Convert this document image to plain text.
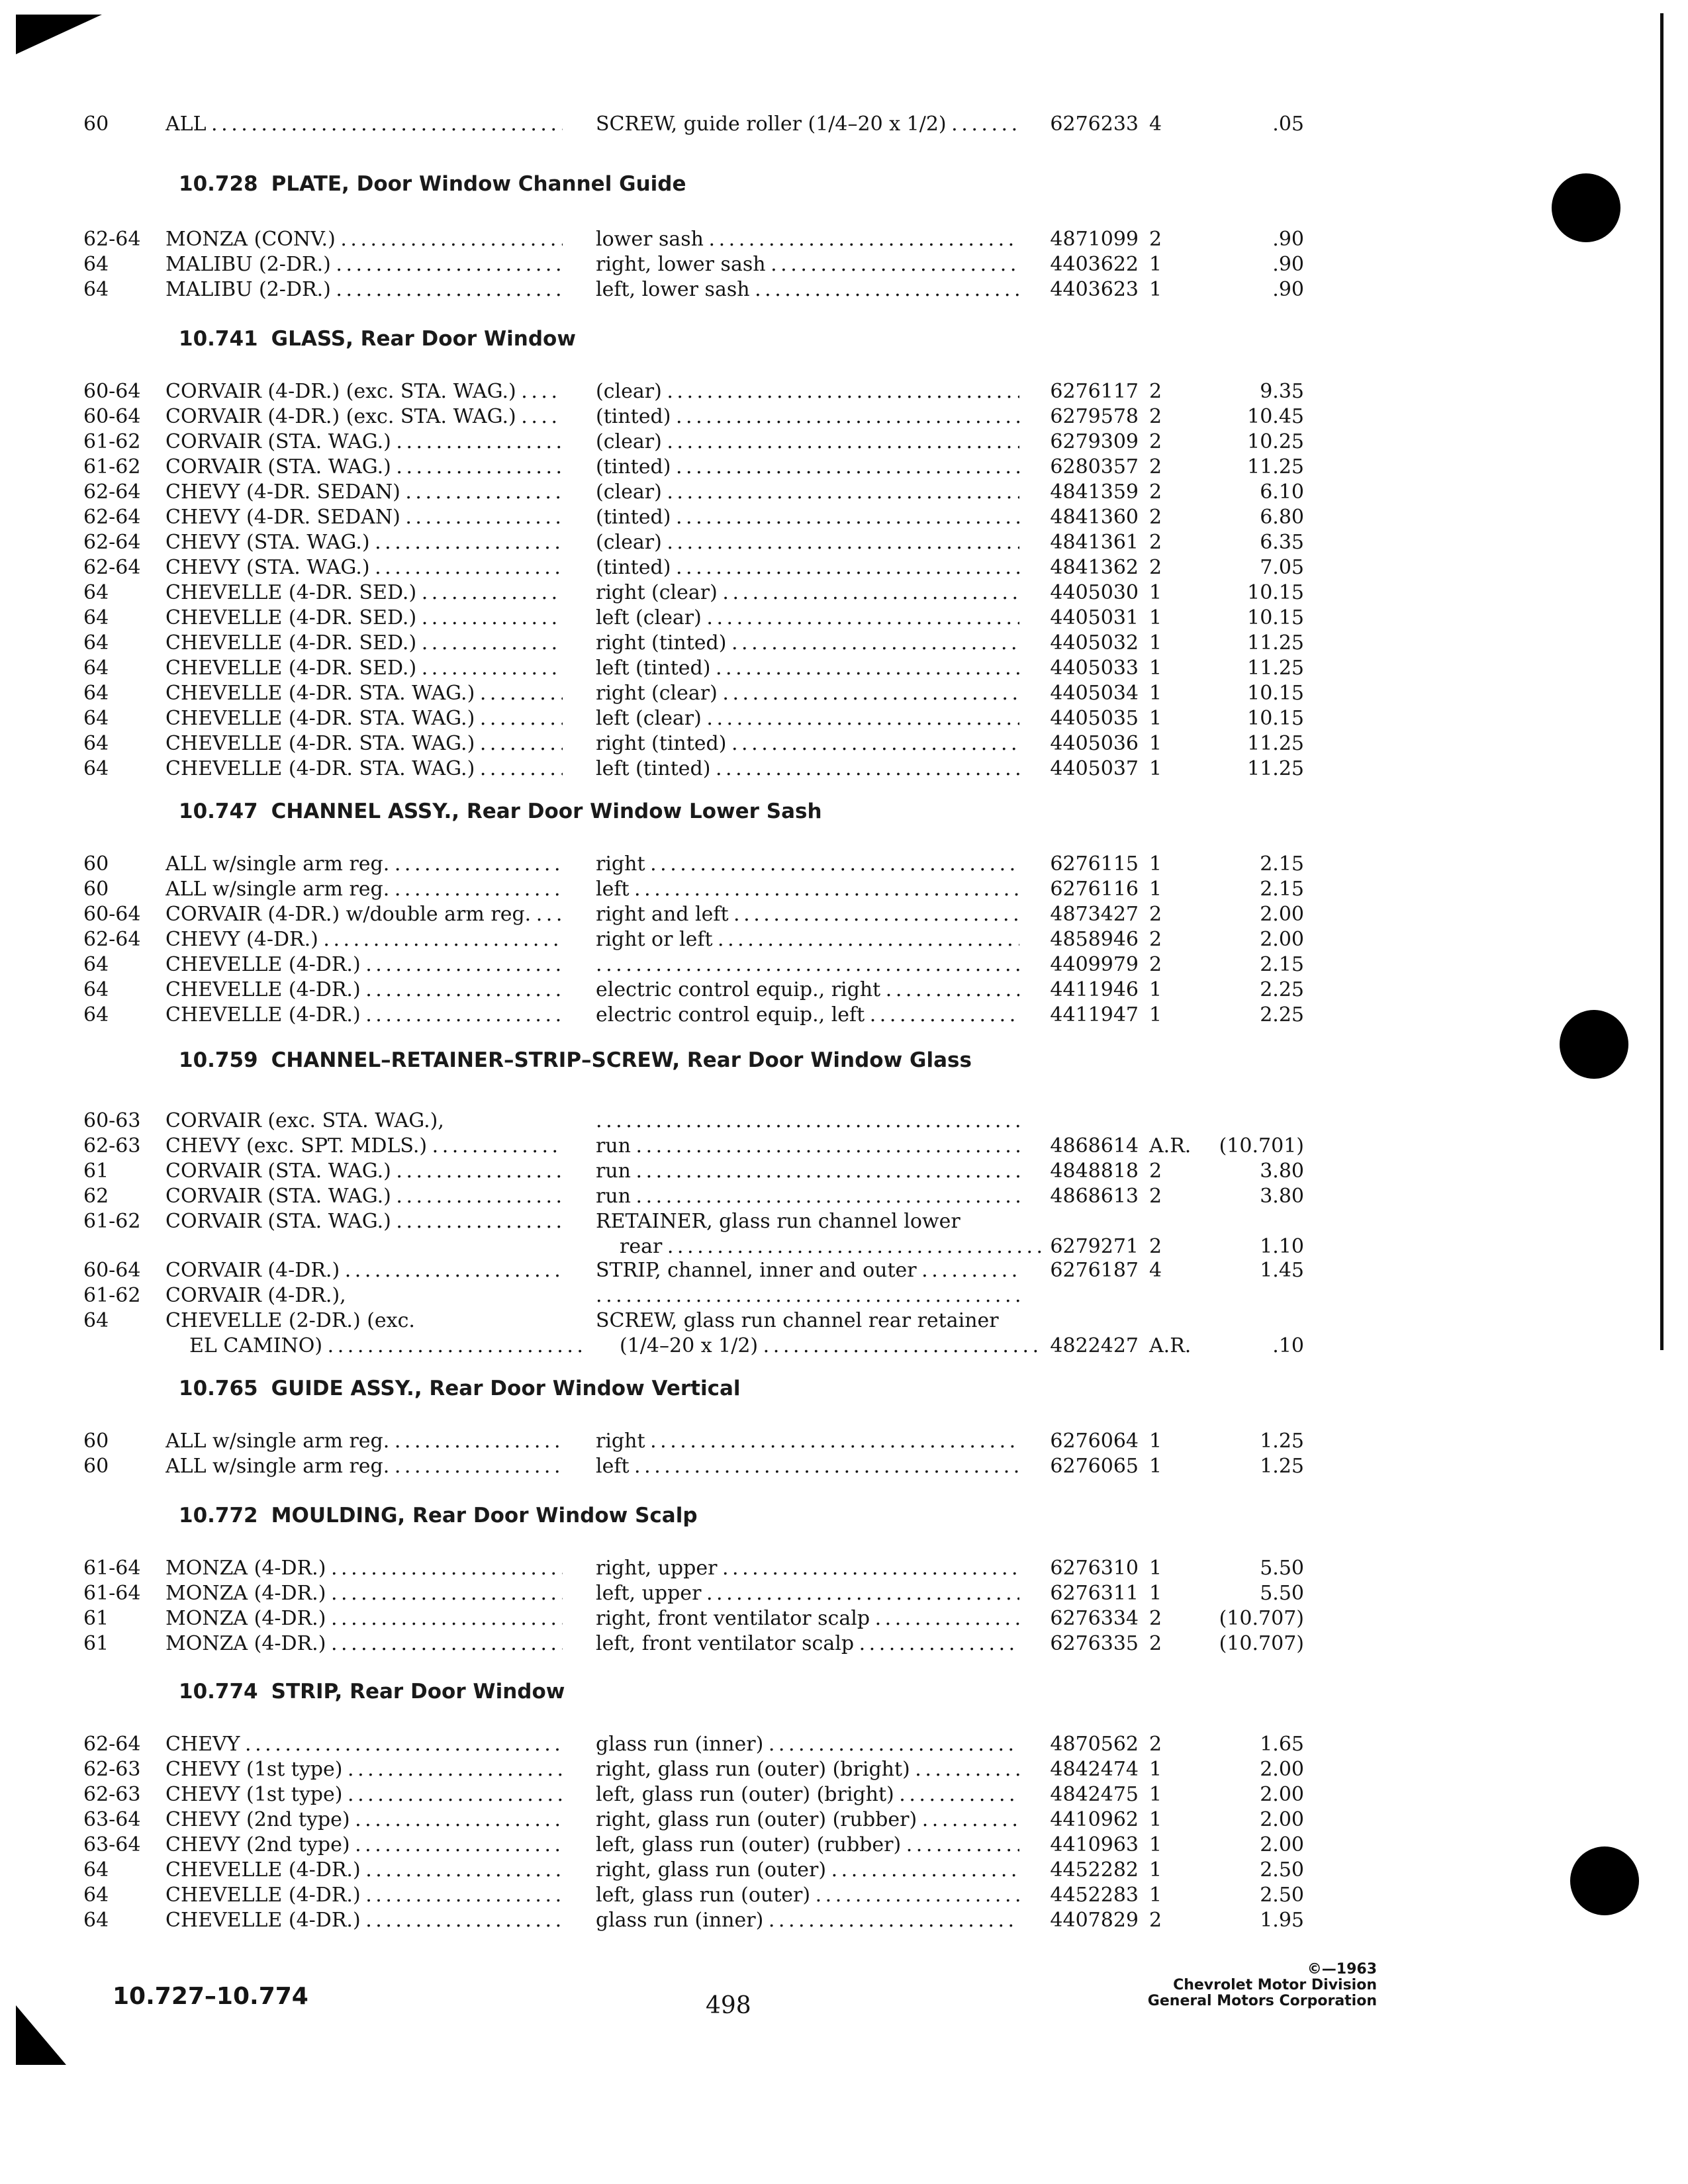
60	ALL . . .	SCREW, guide roller (1/4–20 x 1/2) . . .	6276233 4	.05
10.728 PLATE, Door Window Channel Guide
62-64	MONZA (CONV.) . . .	lower sash . . .	4871099 2	.90
64	MALIBU (2-DR.) . . .	right, lower sash . . .	4403622 1	.90
64	MALIBU (2-DR.) . . .	left, lower sash . . .	4403623 1	.90
10.741 GLASS, Rear Door Window
60-64	CORVAIR (4-DR.) (exc. STA. WAG.) . . .	(clear) . . .	6276117 2	9.35
60-64	CORVAIR (4-DR.) (exc. STA. WAG.) . . .	(tinted) . . .	6279578 2	10.45
61-62	CORVAIR (STA. WAG.) . . .	(clear) . . .	6279309 2	10.25
61-62	CORVAIR (STA. WAG.) . . .	(tinted) . . .	6280357 2	11.25
62-64	CHEVY (4-DR. SEDAN) . . .	(clear) . . .	4841359 2	6.10
62-64	CHEVY (4-DR. SEDAN) . . .	(tinted) . . .	4841360 2	6.80
62-64	CHEVY (STA. WAG.) . . .	(clear) . . .	4841361 2	6.35
62-64	CHEVY (STA. WAG.) . . .	(tinted) . . .	4841362 2	7.05
64	CHEVELLE (4-DR. SED.) . . .	right (clear) . . .	4405030 1	10.15
64	CHEVELLE (4-DR. SED.) . . .	left (clear) . . .	4405031 1	10.15
64	CHEVELLE (4-DR. SED.) . . .	right (tinted) . . .	4405032 1	11.25
64	CHEVELLE (4-DR. SED.) . . .	left (tinted) . . .	4405033 1	11.25
64	CHEVELLE (4-DR. STA. WAG.) . . .	right (clear) . . .	4405034 1	10.15
64	CHEVELLE (4-DR. STA. WAG.) . . .	left (clear) . . .	4405035 1	10.15
64	CHEVELLE (4-DR. STA. WAG.) . . .	right (tinted) . . .	4405036 1	11.25
64	CHEVELLE (4-DR. STA. WAG.) . . .	left (tinted) . . .	4405037 1	11.25
10.747 CHANNEL ASSY., Rear Door Window Lower Sash
60	ALL w/single arm reg. . . .	right . . .	6276115 1	2.15
60	ALL w/single arm reg. . . .	left . . .	6276116 1	2.15
60-64	CORVAIR (4-DR.) w/double arm reg. . . .	right and left . . .	4873427 2	2.00
62-64	CHEVY (4-DR.) . . .	right or left . . .	4858946 2	2.00
64	CHEVELLE (4-DR.) . . .
. . .	4409979 2	2.15
64	CHEVELLE (4-DR.) . . .	electric control equip., right . . .	4411946 1	2.25
64	CHEVELLE (4-DR.) . . .	electric control equip., left . . .	4411947 1	2.25
10.759 CHANNEL–RETAINER–STRIP–SCREW, Rear Door Window Glass
60-63	CORVAIR (exc. STA. WAG.),
. . .
62-63	CHEVY (exc. SPT. MDLS.) . . .	run . . .	4868614 A.R.	(10.701)
61	CORVAIR (STA. WAG.) . . .	run . . .	4848818 2	3.80
62	CORVAIR (STA. WAG.) . . .	run . . .	4868613 2	3.80
61-62	CORVAIR (STA. WAG.) . . .	RETAINER, glass run channel lower
rear . . .	6279271 2	1.10
60-64	CORVAIR (4-DR.) . . .	STRIP, channel, inner and outer . . .	6276187 4	1.45
61-62	CORVAIR (4-DR.),
. . .
64	CHEVELLE (2-DR.) (exc.	SCREW, glass run channel rear retainer
EL CAMINO) . . .	(1/4–20 x 1/2) . . .	4822427 A.R.	.10
10.765 GUIDE ASSY., Rear Door Window Vertical
60	ALL w/single arm reg. . . .	right . . .	6276064 1	1.25
60	ALL w/single arm reg. . . .	left . . .	6276065 1	1.25
10.772 MOULDING, Rear Door Window Scalp
61-64	MONZA (4-DR.) . . .	right, upper . . .	6276310 1	5.50
61-64	MONZA (4-DR.) . . .	left, upper . . .	6276311 1	5.50
61	MONZA (4-DR.) . . .	right, front ventilator scalp . . .	6276334 2	(10.707)
61	MONZA (4-DR.) . . .	left, front ventilator scalp . . .	6276335 2	(10.707)
10.774 STRIP, Rear Door Window
62-64	CHEVY . . .	glass run (inner) . . .	4870562 2	1.65
62-63	CHEVY (1st type) . . .	right, glass run (outer) (bright) . . .	4842474 1	2.00
62-63	CHEVY (1st type) . . .	left, glass run (outer) (bright) . . .	4842475 1	2.00
63-64	CHEVY (2nd type) . . .	right, glass run (outer) (rubber) . . .	4410962 1	2.00
63-64	CHEVY (2nd type) . . .	left, glass run (outer) (rubber) . . .	4410963 1	2.00
64	CHEVELLE (4-DR.) . . .	right, glass run (outer) . . .	4452282 1	2.50
64	CHEVELLE (4-DR.) . . .	left, glass run (outer) . . .	4452283 1	2.50
64	CHEVELLE (4-DR.) . . .	glass run (inner) . . .	4407829 2	1.95
10.727–10.774	498
©—1963
Chevrolet Motor Division
General Motors Corporation
